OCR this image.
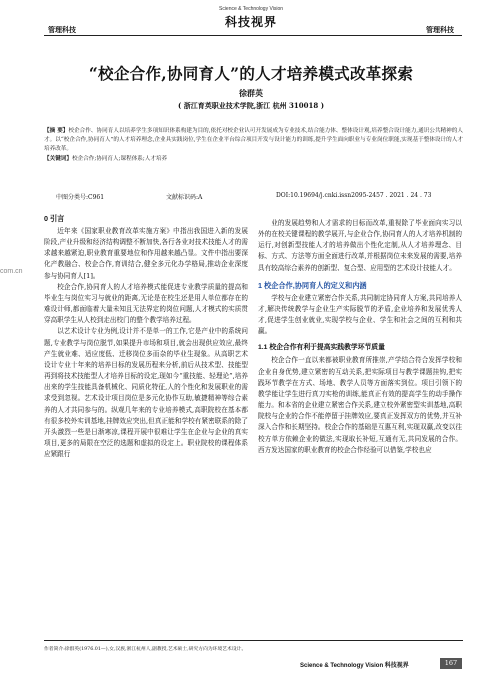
Science & Technology Vision
科技视界
管理科技	管理科技
“校企合作,协同育人”的人才培养模式改革探索
徐群英
( 浙江育英职业技术学院,浙江 杭州 310018 )
【摘 要】校企合作、协同育人以培养学生多项知识体系构建为目的,依托对校企业认可开发展成为专业技术,结合能力体、整体设计观,培养整合设计能力,通识公共精神的人才。以“校企合作,协同育人”的人才培养理念,企业具实践岗位,学生在企业平台综合项目开发与设计能力的训练,提升学生面向职业与专业岗位职能,实现基于整体设计的人才培养改革。
【关键词】校企合作;协同育人;课程体系;人才培养
中图分类号:C961	文献标识码:A	DOI:10.19694/j.cnki.issn2095-2457 . 2021 . 24 . 73
com.cn
0 引言

近年来《国家职业教育改革实施方案》中指出我国进入新的发展阶段,产业升级和经济结构调整不断加快,各行各业对技术技能人才的需求越来越紧迫,职业教育重要地位和作用越来越凸显。文件中指出要深化产教融合、校企合作,育训结合,健全多元化办学格局,推动企业深度参与协同育人[1]。

校企合作,协同育人的人才培养模式能促进专业教学质量的提高和毕业生与岗位实习与就业的距离,无论是在校生还是用人单位都存在的难设计师,都面临着大量未知且无法界定的岗位问题,人才模式的实质贯穿高职学生从人校到走出校门的整个教学培养过程。

以艺术设计专业为例,设计并不是单一的工作,它是产业中的系统问题,专业教学与岗位脱节,如果提升市场和项目,就会出现供应效应,最终产生就业难、适应度低、迁移岗位多而杂的毕业生现象。从高职艺术设计专业十年来的培养目标的发展历程来分析,前后从技术型、技能型再到将技术技能型人才培养目标的设定,现如今“重技能、轻理论”,培养出来的学生技能具备机械化、同质化特征,人的个性化和发展职业的需求受到忽视。艺术设计项目岗位是多元化协作互助,敏捷精神等综合素养的人才共同参与的。纵观几年来的专业培养模式,高职院校在基本都有很多校外实训基地,挂牌效应突出,但真正能和学校有紧密联系的除了开头激烈一些是日渐寒凉,课程开展中很难让学生在企业与企业的真实项目,更多的局限在空泛的选题和虚拟的设定上。职业院校的课程体系应紧跟行

业的发展趋势和人才需求的目标而改革,重视除了毕业面向实习以外的在校关键课程的教学展开,与企业合作,协同育人的人才培养机制的运行,对创新型技能人才的培养做出个性化定制,从人才培养理念、目标、方式、方法等方面全面进行改革,并根据岗位未来发展的需要,培养具有较高综合素养的创新型、复合型、应用型的艺术设计技能人才。

1 校企合作,协同育人的定义和内涵

学校与企业建立紧密合作关系,共同制定协同育人方案,共同培养人才,解决传统教学与企业生产实际脱节的矛盾,企业培养和发展优秀人才,促进学生创业就业,实现学校与企业、学生和社会之间的互利和共赢。

1.1 校企合作有利于提高实践教学环节质量

校企合作一直以来都被职业教育所推崇,产学结合符合发挥学校和企业自身优势,建立紧密的互动关系,把实际项目与教学课题挂钩,把实践环节教学在方式、场地、教学人员等方面落实到位。项目引领下的教学能让学生进行真刀实枪的训练,能真正有效的提高学生的动手操作能力。和本省的企业建立紧密合作关系,建立校外紧密型实训基地,高职院校与企业的合作不能停留于挂牌效应,要真正发挥双方的优势,并互补深入合作和长期坚持。校企合作的基础是互惠互利,实现双赢,改变以往校方单方依赖企业的做法,实现取长补短,互通有无,共同发展的合作。西方发达国家的职业教育的校企合作经验可以借鉴,学校也应

作者简介:徐群英(1976.01—),女,汉族,浙江杭州人,副教授,艺术硕士,研究方向为环境艺术设计。
Science & Technology Vision 科技视界	167
